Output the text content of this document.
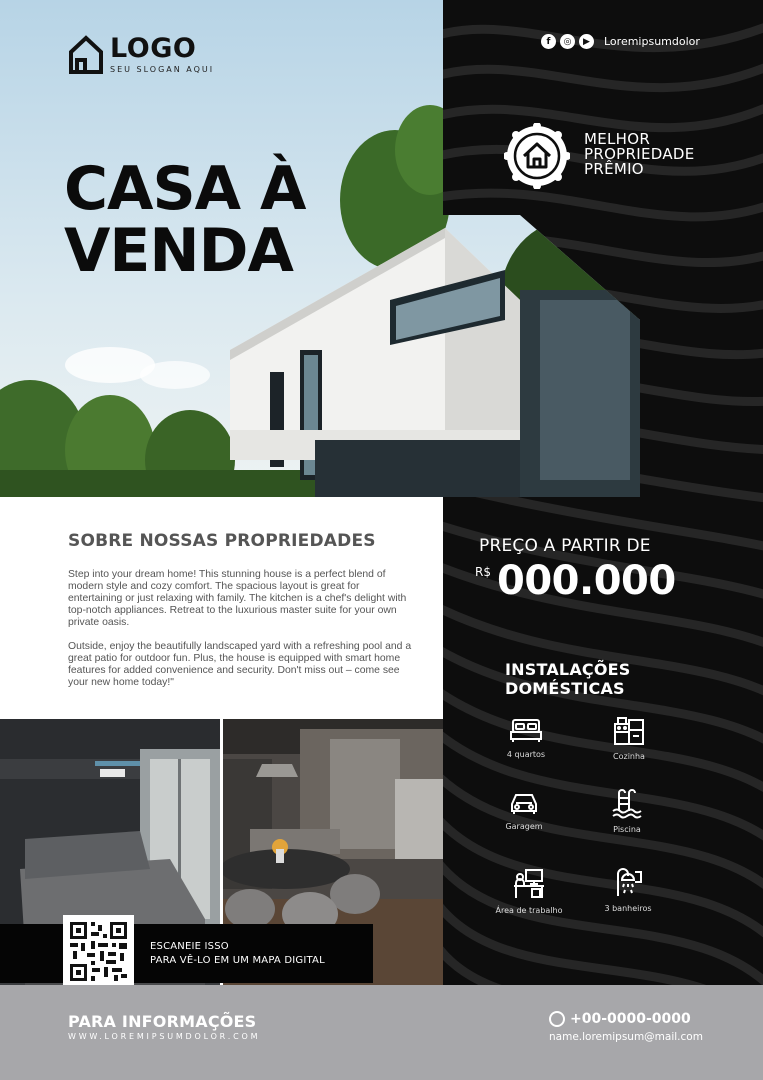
LOGO
SEU SLOGAN AQUI
CASA À
VENDA
f	◎	▶	Loremipsumdolor
MELHOR
PROPRIEDADE
PRÊMIO
SOBRE NOSSAS PROPRIEDADES

Step into your dream home! This stunning house is a perfect blend of modern style and cozy comfort. The spacious layout is great for entertaining or just relaxing with family. The kitchen is a chef's delight with top-notch appliances. Retreat to the luxurious master suite for your own private oasis.

Outside, enjoy the beautifully landscaped yard with a refreshing pool and a great patio for outdoor fun. Plus, the house is equipped with smart home features for added convenience and security. Don't miss out – come see your new home today!"

ESCANEIE ISSO
PARA VÊ-LO EM UM MAPA DIGITAL
PREÇO A PARTIR DE
R$ 000.000
INSTALAÇÕES
DOMÉSTICAS
4 quartos	Cozinha
Garagem	Piscina
Área de trabalho	3 banheiros
PARA INFORMAÇÕES
WWW.LOREMIPSUMDOLOR.COM
+00-0000-0000
name.loremipsum@mail.com
